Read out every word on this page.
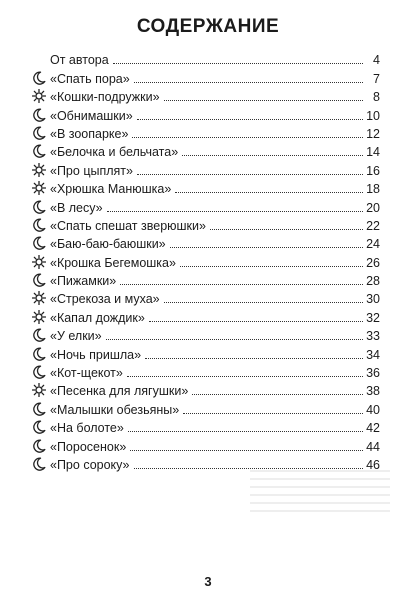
СОДЕРЖАНИЕ
От автора	4
«Спать пора»	7
«Кошки-подружки»	8
«Обнимашки»	10
«В зоопарке»	12
«Белочка и бельчата»	14
«Про цыплят»	16
«Хрюшка Манюшка»	18
«В лесу»	20
«Спать спешат зверюшки»	22
«Баю-баю-баюшки»	24
«Крошка Бегемошка»	26
«Пижамки»	28
«Стрекоза и муха»	30
«Капал дождик»	32
«У елки»	33
«Ночь пришла»	34
«Кот-щекот»	36
«Песенка для лягушки»	38
«Малышки обезьяны»	40
«На болоте»	42
«Поросенок»	44
«Про сороку»	46
3
